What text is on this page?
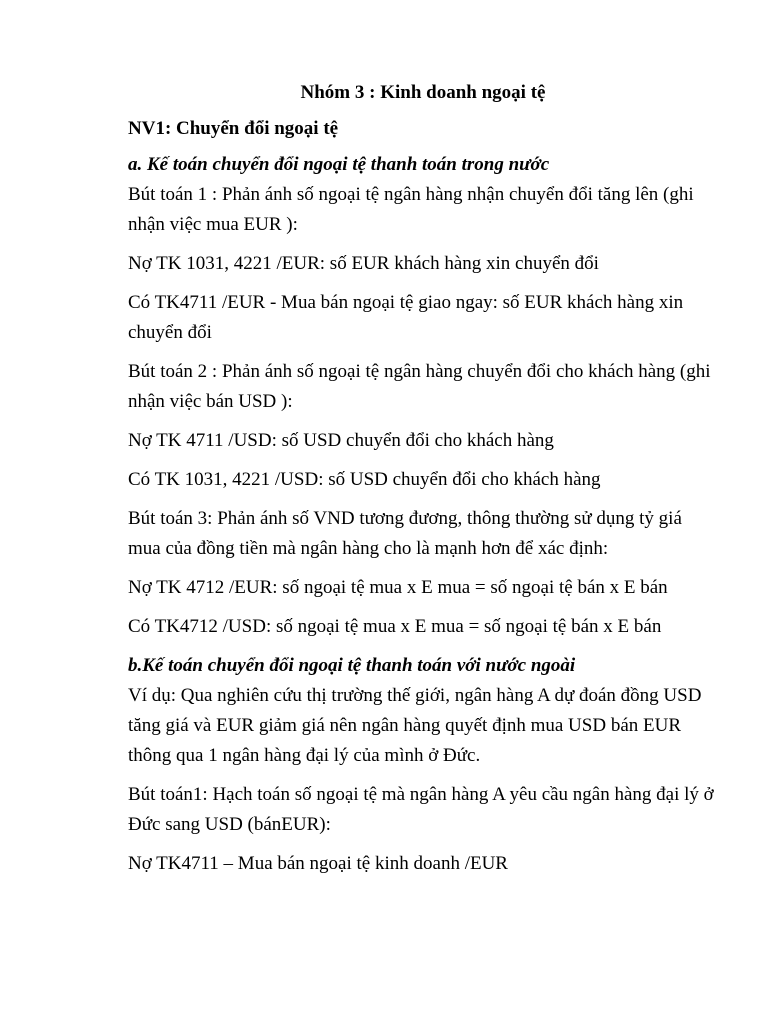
Nhóm 3 : Kinh doanh ngoại tệ
NV1: Chuyển đổi ngoại tệ
a. Kế toán chuyển đổi ngoại tệ thanh toán trong nước

Bút toán 1 : Phản ánh số ngoại tệ ngân hàng nhận chuyển đổi tăng lên (ghi nhận việc mua EUR ):

Nợ TK 1031, 4221 /EUR: số EUR khách hàng xin chuyển đổi

Có TK4711 /EUR - Mua bán ngoại tệ giao ngay: số EUR khách hàng xin chuyển đổi

Bút toán 2 : Phản ánh số ngoại tệ ngân hàng chuyển đổi cho khách hàng (ghi nhận việc bán USD ):

Nợ TK 4711 /USD: số USD chuyển đổi cho khách hàng

Có TK 1031, 4221 /USD: số USD chuyển đổi cho khách hàng

Bút toán 3: Phản ánh số VND tương đương, thông thường sử dụng tỷ giá mua của đồng tiền mà ngân hàng cho là mạnh hơn để xác định:

Nợ TK 4712 /EUR: số ngoại tệ mua x E mua = số ngoại tệ bán x E bán

Có TK4712 /USD: số ngoại tệ mua x E mua = số ngoại tệ bán x E bán

b.Kế toán chuyển đổi ngoại tệ thanh toán với nước ngoài

Ví dụ: Qua nghiên cứu thị trường thế giới, ngân hàng A dự đoán đồng USD tăng giá và EUR giảm giá nên ngân hàng quyết định mua USD bán EUR thông qua 1 ngân hàng đại lý của mình ở Đức.

Bút toán1: Hạch toán số ngoại tệ mà ngân hàng A yêu cầu ngân hàng đại lý ở Đức sang USD (bánEUR):

Nợ TK4711 – Mua bán ngoại tệ kinh doanh /EUR
